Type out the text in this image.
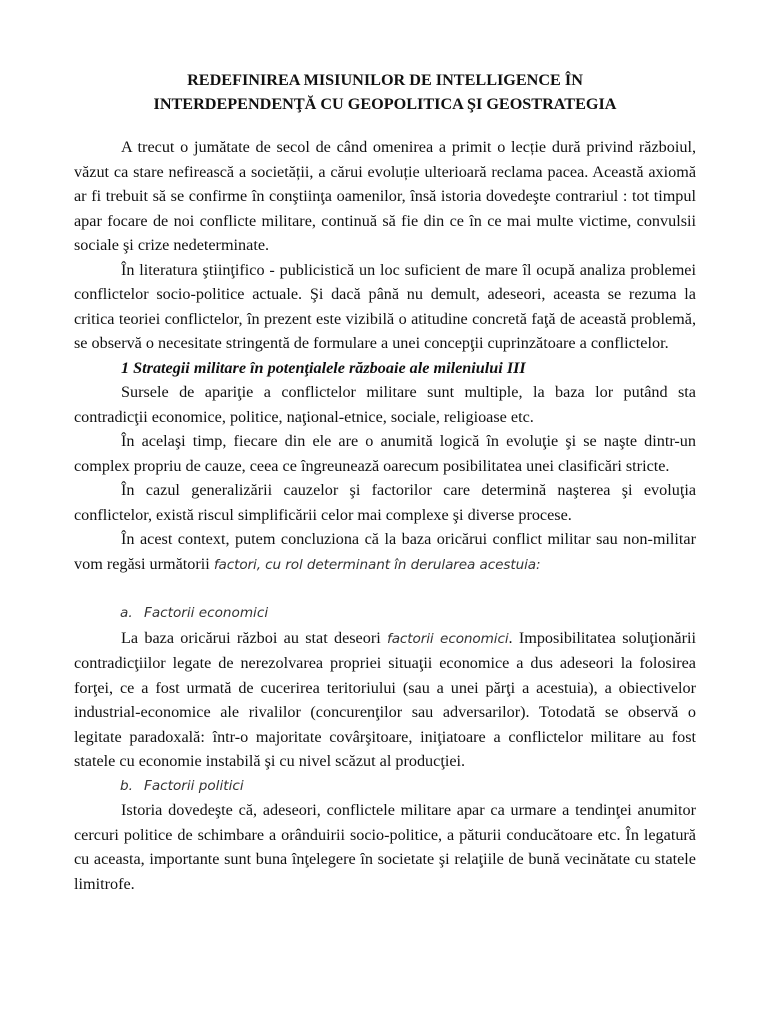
REDEFINIREA MISIUNILOR DE INTELLIGENCE ÎN
INTERDEPENDENŢĂ CU GEOPOLITICA ŞI GEOSTRATEGIA

A trecut o jumătate de secol de când omenirea a primit o lecție dură privind războiul, văzut ca stare nefirească a societății, a cărui evoluție ulterioară reclama pacea. Această axiomă ar fi trebuit să se confirme în conştiinţa oamenilor, însă istoria dovedeşte contrariul : tot timpul apar focare de noi conflicte militare, continuă să fie din ce în ce mai multe victime, convulsii sociale şi crize nedeterminate.

În literatura ştiinţifico - publicistică un loc suficient de mare îl ocupă analiza problemei conflictelor socio-politice actuale. Şi dacă până nu demult, adeseori, aceasta se rezuma la critica teoriei conflictelor, în prezent este vizibilă o atitudine concretă faţă de această problemă, se observă o necesitate stringentă de formulare a unei concepţii cuprinzătoare a conflictelor.

1 Strategii militare în potenţialele războaie ale mileniului III

Sursele de apariţie a conflictelor militare sunt multiple, la baza lor putând sta contradicţii economice, politice, naţional-etnice, sociale, religioase etc.

În acelaşi timp, fiecare din ele are o anumită logică în evoluţie şi se naşte dintr-un complex propriu de cauze, ceea ce îngreunează oarecum posibilitatea unei clasificări stricte.

În cazul generalizării cauzelor şi factorilor care determină naşterea şi evoluţia conflictelor, există riscul simplificării celor mai complexe şi diverse procese.

În acest context, putem concluziona că la baza oricărui conflict militar sau non-militar vom regăsi următorii factori, cu rol determinant în derularea acestuia:

a. Factorii economici

La baza oricărui război au stat deseori factorii economici. Imposibilitatea soluţionării contradicţiilor legate de nerezolvarea propriei situaţii economice a dus adeseori la folosirea forţei, ce a fost urmată de cucerirea teritoriului (sau a unei părţi a acestuia), a obiectivelor industrial-economice ale rivalilor (concurenţilor sau adversarilor). Totodată se observă o legitate paradoxală: într-o majoritate covârşitoare, iniţiatoare a conflictelor militare au fost statele cu economie instabilă şi cu nivel scăzut al producţiei.

b. Factorii politici

Istoria dovedeşte că, adeseori, conflictele militare apar ca urmare a tendinţei anumitor cercuri politice de schimbare a orânduirii socio-politice, a păturii conducătoare etc. În legatură cu aceasta, importante sunt buna înţelegere în societate şi relaţiile de bună vecinătate cu statele limitrofe.
